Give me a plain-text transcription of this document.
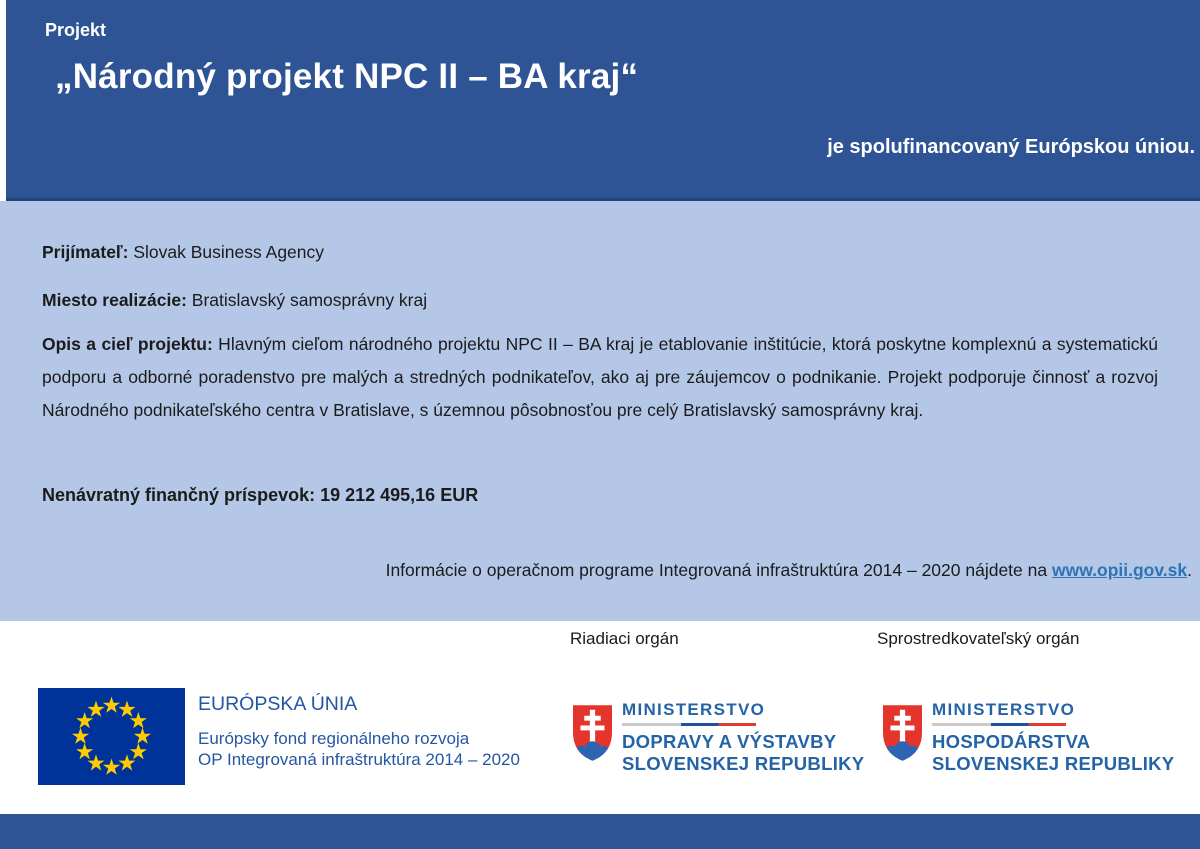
Projekt
„Národný projekt NPC II – BA kraj“
je spolufinancovaný Európskou úniou.
Prijímateľ: Slovak Business Agency
Miesto realizácie: Bratislavský samosprávny kraj
Opis a cieľ projektu: Hlavným cieľom národného projektu NPC II – BA kraj je etablovanie inštitúcie, ktorá poskytne komplexnú a systematickú podporu a odborné poradenstvo pre malých a stredných podnikateľov, ako aj pre záujemcov o podnikanie. Projekt podporuje činnosť a rozvoj Národného podnikateľského centra v Bratislave, s územnou pôsobnosťou pre celý Bratislavský samosprávny kraj.
Nenávratný finančný príspevok: 19 212 495,16 EUR
Informácie o operačnom programe Integrovaná infraštruktúra 2014 – 2020 nájdete na www.opii.gov.sk.
Riadiaci orgán	Sprostredkovateľský orgán
EURÓPSKA ÚNIA
Európsky fond regionálneho rozvoja
OP Integrovaná infraštruktúra 2014 – 2020
MINISTERSTVO
DOPRAVY A VÝSTAVBY
SLOVENSKEJ REPUBLIKY
MINISTERSTVO
HOSPODÁRSTVA
SLOVENSKEJ REPUBLIKY
